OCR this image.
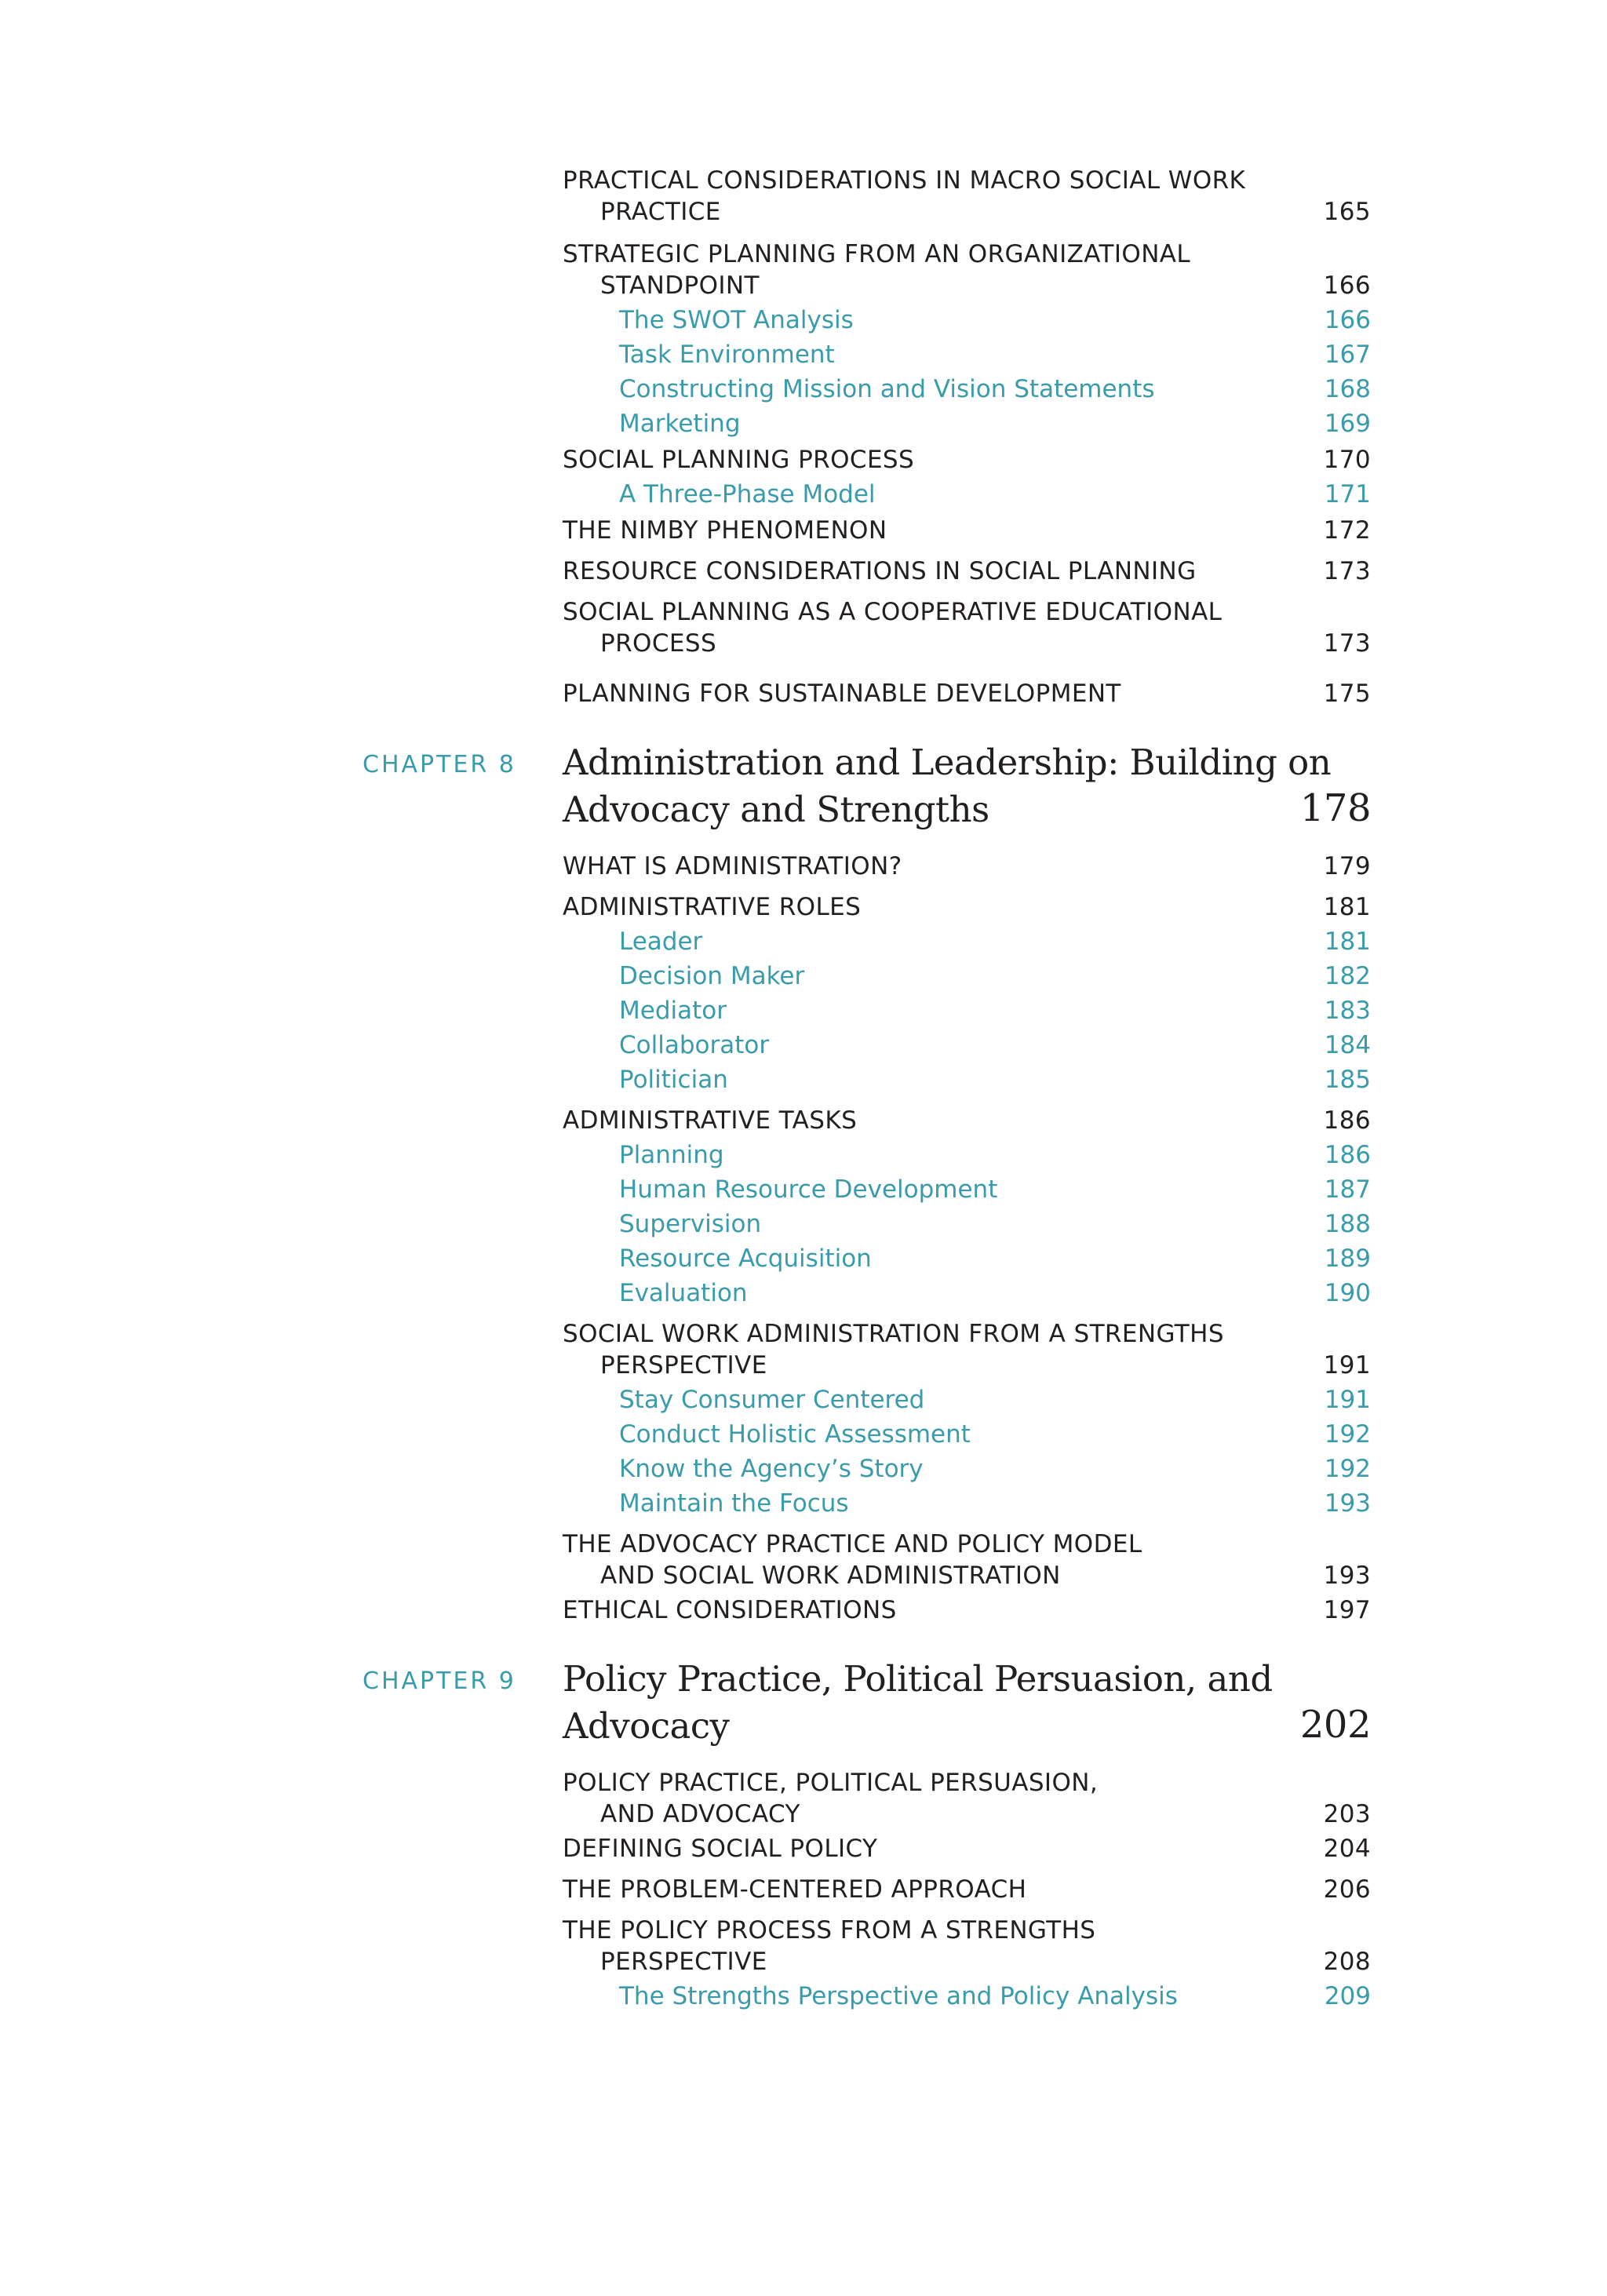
PRACTICAL CONSIDERATIONS IN MACRO SOCIAL WORK
PRACTICE	165
STRATEGIC PLANNING FROM AN ORGANIZATIONAL
STANDPOINT	166
The SWOT Analysis	166
Task Environment	167
Constructing Mission and Vision Statements	168
Marketing	169
SOCIAL PLANNING PROCESS	170
A Three-Phase Model	171
THE NIMBY PHENOMENON	172
RESOURCE CONSIDERATIONS IN SOCIAL PLANNING	173
SOCIAL PLANNING AS A COOPERATIVE EDUCATIONAL
PROCESS	173
PLANNING FOR SUSTAINABLE DEVELOPMENT	175
CHAPTER 8 Administration and Leadership: Building on
Advocacy and Strengths	178
WHAT IS ADMINISTRATION?	179
ADMINISTRATIVE ROLES	181
Leader	181
Decision Maker	182
Mediator	183
Collaborator	184
Politician	185
ADMINISTRATIVE TASKS	186
Planning	186
Human Resource Development	187
Supervision	188
Resource Acquisition	189
Evaluation	190
SOCIAL WORK ADMINISTRATION FROM A STRENGTHS
PERSPECTIVE	191
Stay Consumer Centered	191
Conduct Holistic Assessment	192
Know the Agency’s Story	192
Maintain the Focus	193
THE ADVOCACY PRACTICE AND POLICY MODEL
AND SOCIAL WORK ADMINISTRATION	193
ETHICAL CONSIDERATIONS	197
CHAPTER 9 Policy Practice, Political Persuasion, and
Advocacy	202
POLICY PRACTICE, POLITICAL PERSUASION,
AND ADVOCACY	203
DEFINING SOCIAL POLICY	204
THE PROBLEM-CENTERED APPROACH	206
THE POLICY PROCESS FROM A STRENGTHS
PERSPECTIVE	208
The Strengths Perspective and Policy Analysis	209
